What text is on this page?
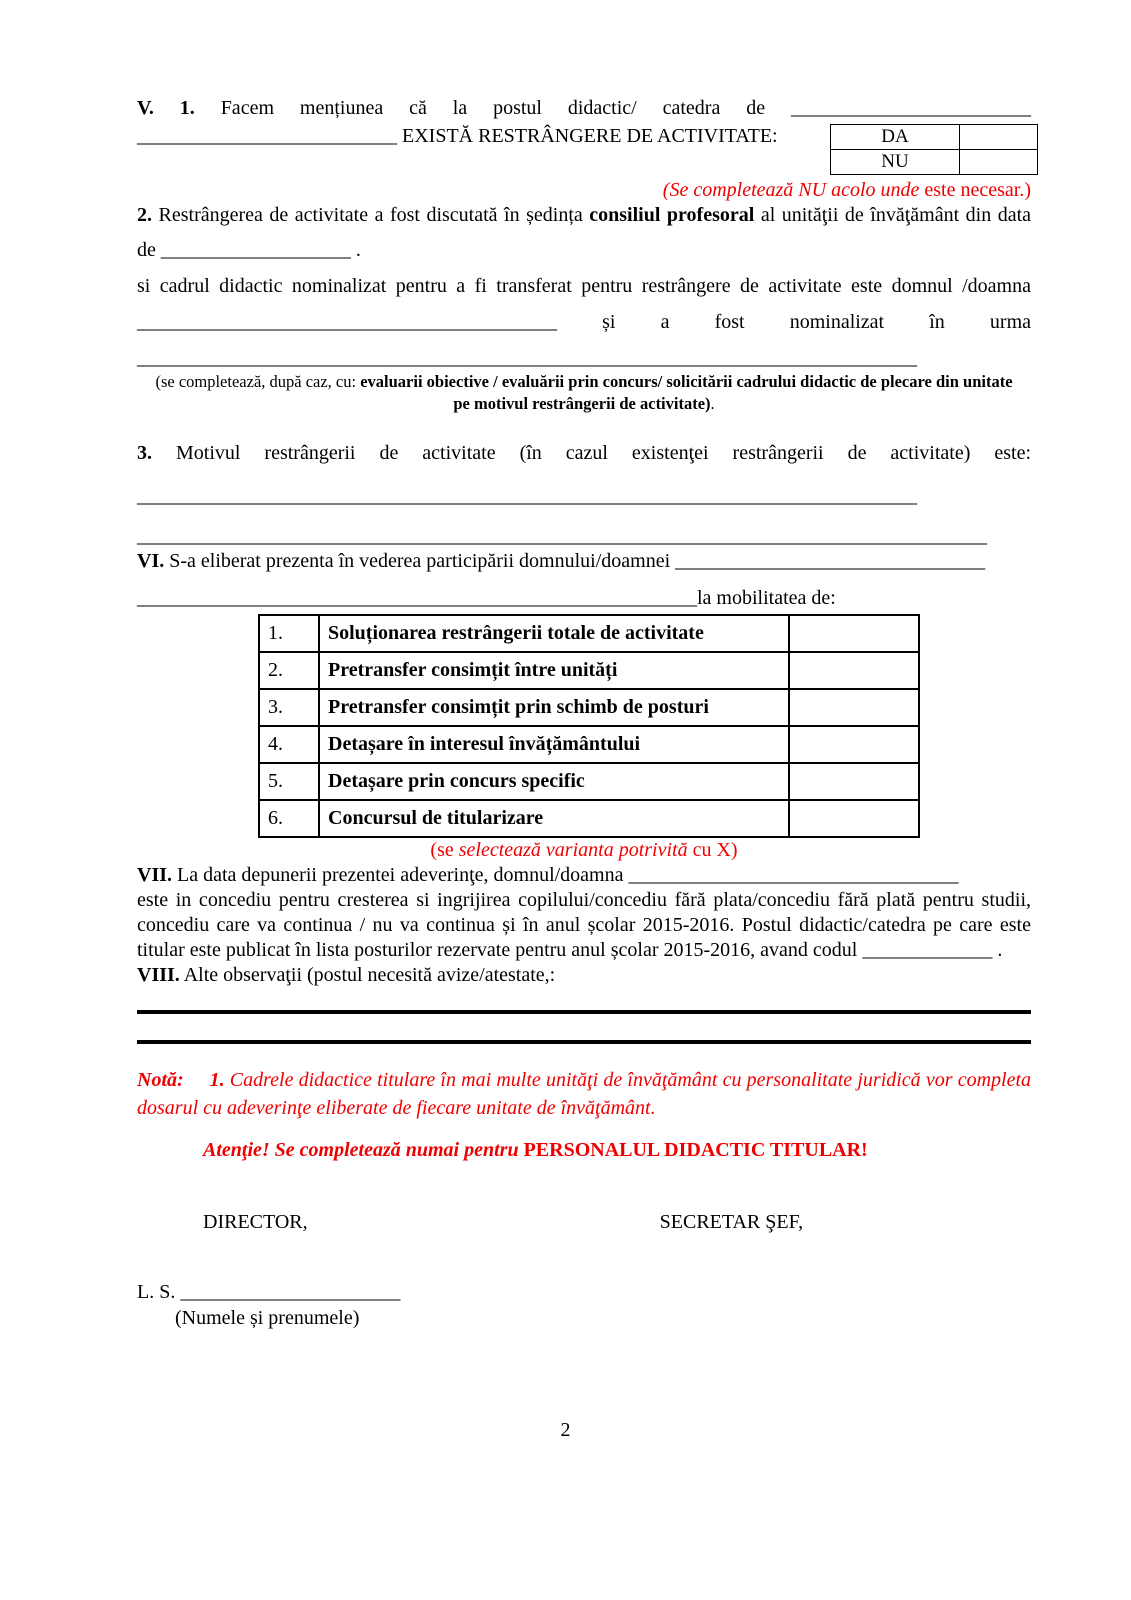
V. 1. Facem mențiunea că la postul didactic/ catedra de ________________________
__________________________ EXISTĂ RESTRÂNGERE DE ACTIVITATE:	DA	
NU	
(Se completează NU acolo unde este necesar.)
2. Restrângerea de activitate a fost discutată în ședința consiliul profesoral al unităţii de învăţământ din data
de ___________________ .
si cadrul didactic nominalizat pentru a fi transferat pentru restrângere de activitate este domnul /doamna
__________________________________________ și a fost nominalizat în urma
______________________________________________________________________________
(se completează, după caz, cu: evaluarii obiective / evaluării prin concurs/ solicitării cadrului didactic de plecare din unitate
pe motivul restrângerii de activitate).
3. Motivul restrângerii de activitate (în cazul existenţei restrângerii de activitate) este:
______________________________________________________________________________
_____________________________________________________________________________________
VI. S-a eliberat prezenta în vederea participării domnului/doamnei _______________________________
________________________________________________________la mobilitatea de:
1.	Soluționarea restrângerii totale de activitate	
2.	Pretransfer consimțit între unități	
3.	Pretransfer consimțit prin schimb de posturi	
4.	Detașare în interesul învățământului	
5.	Detașare prin concurs specific	
6.	Concursul de titularizare	
(se selectează varianta potrivită cu X)
VII. La data depunerii prezentei adeverinţe, domnul/doamna _________________________________
este in concediu pentru cresterea si ingrijirea copilului/concediu fără plata/concediu fără plată pentru studii, concediu care va continua / nu va continua și în anul școlar 2015-2016. Postul didactic/catedra pe care este titular este publicat în lista posturilor rezervate pentru anul școlar 2015-2016, avand codul _____________ .
VIII. Alte observaţii (postul necesită avize/atestate,:
Notă: 1. Cadrele didactice titulare în mai multe unităţi de învăţământ cu personalitate juridică vor completa dosarul cu adeverinţe eliberate de fiecare unitate de învăţământ.
Atenţie! Se completează numai pentru PERSONALUL DIDACTIC TITULAR!
DIRECTOR,	SECRETAR ŞEF,
L. S. ______________________
(Numele și prenumele)
2
